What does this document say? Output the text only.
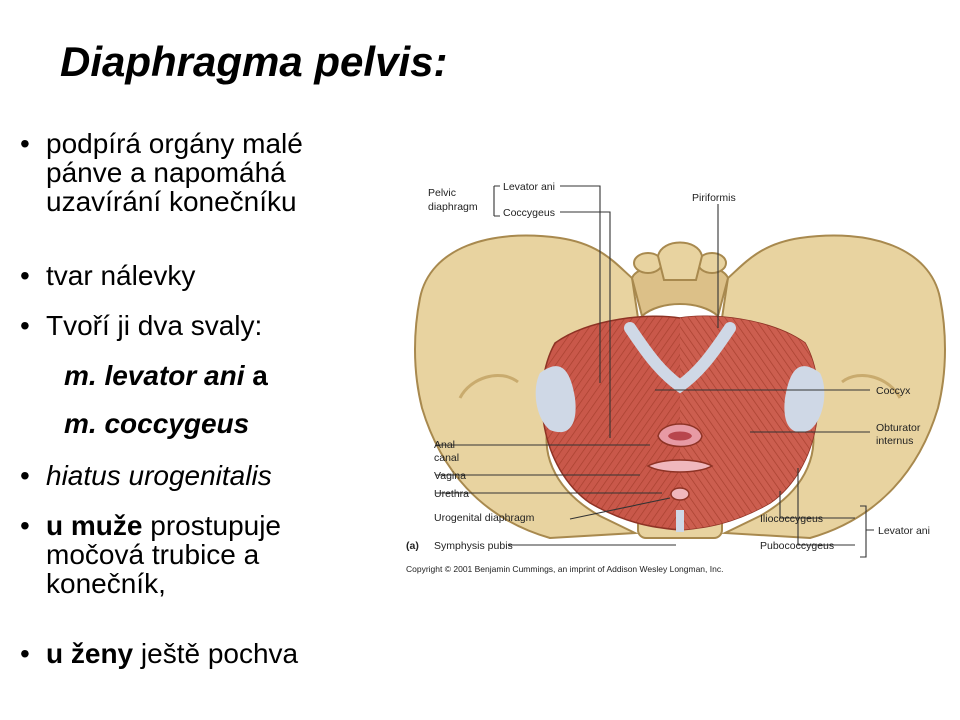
Diaphragma pelvis:
• podpírá orgány malé
pánve a napomáhá
uzavírání konečníku
• tvar nálevky
• Tvoří ji dva svaly:
m. levator ani a
m. coccygeus
• hiatus urogenitalis
• u muže prostupuje
močová trubice a
konečník,
• u ženy ještě pochva
Pelvic
diaphragm
Levator ani
Coccygeus
Piriformis
Coccyx
Obturator
internus
Anal
canal
Vagina
Urethra
Urogenital diaphragm
(a) Symphysis pubis
Iliococcygeus
Pubococcygeus
Levator ani
Copyright © 2001 Benjamin Cummings, an imprint of Addison Wesley Longman, Inc.
